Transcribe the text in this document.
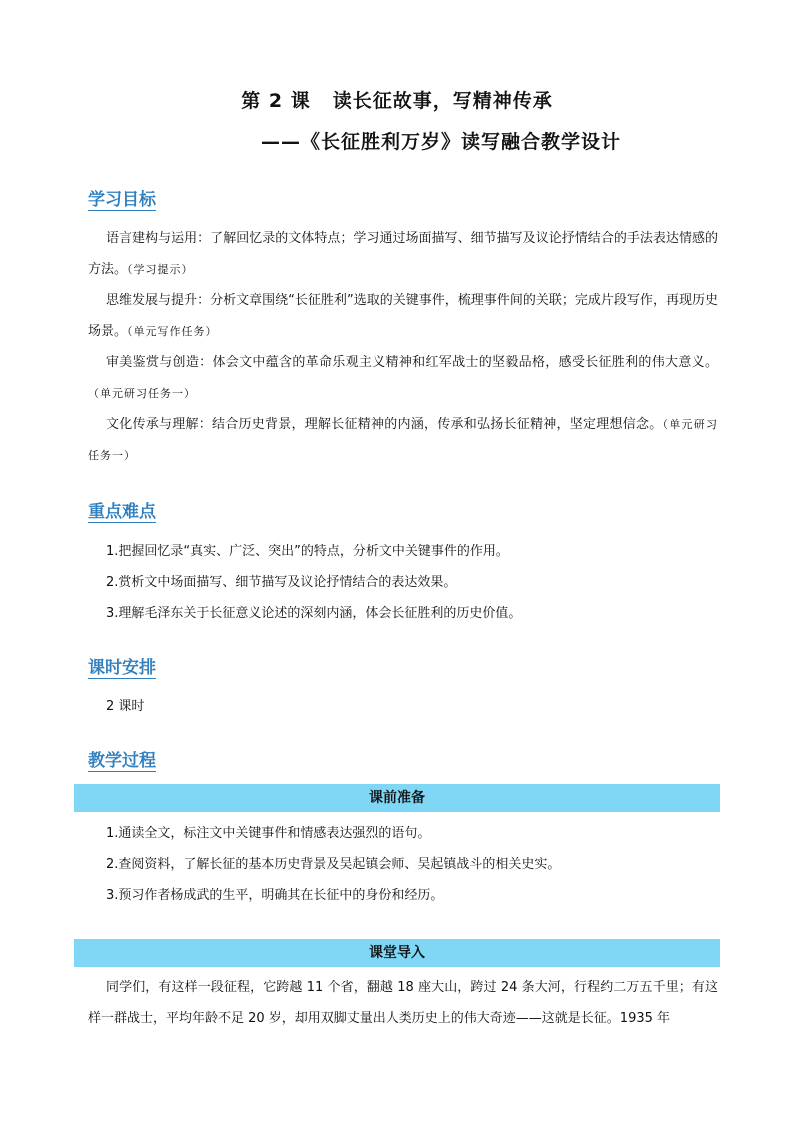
第 2 课 读长征故事，写精神传承
——《长征胜利万岁》读写融合教学设计
学习目标
语言建构与运用：了解回忆录的文体特点；学习通过场面描写、细节描写及议论抒情结合的手法表达情感的方法。（学习提示）
思维发展与提升：分析文章围绕“长征胜利”选取的关键事件，梳理事件间的关联；完成片段写作，再现历史场景。（单元写作任务）
审美鉴赏与创造：体会文中蕴含的革命乐观主义精神和红军战士的坚毅品格，感受长征胜利的伟大意义。（单元研习任务一）
文化传承与理解：结合历史背景，理解长征精神的内涵，传承和弘扬长征精神，坚定理想信念。（单元研习任务一）
重点难点
1.把握回忆录“真实、广泛、突出”的特点，分析文中关键事件的作用。
2.赏析文中场面描写、细节描写及议论抒情结合的表达效果。
3.理解毛泽东关于长征意义论述的深刻内涵，体会长征胜利的历史价值。
课时安排
2 课时
教学过程
课前准备
1.通读全文，标注文中关键事件和情感表达强烈的语句。
2.查阅资料，了解长征的基本历史背景及吴起镇会师、吴起镇战斗的相关史实。
3.预习作者杨成武的生平，明确其在长征中的身份和经历。
课堂导入
同学们，有这样一段征程，它跨越 11 个省，翻越 18 座大山，跨过 24 条大河，行程约二万五千里；有这样一群战士，平均年龄不足 20 岁，却用双脚丈量出人类历史上的伟大奇迹——这就是长征。1935 年
